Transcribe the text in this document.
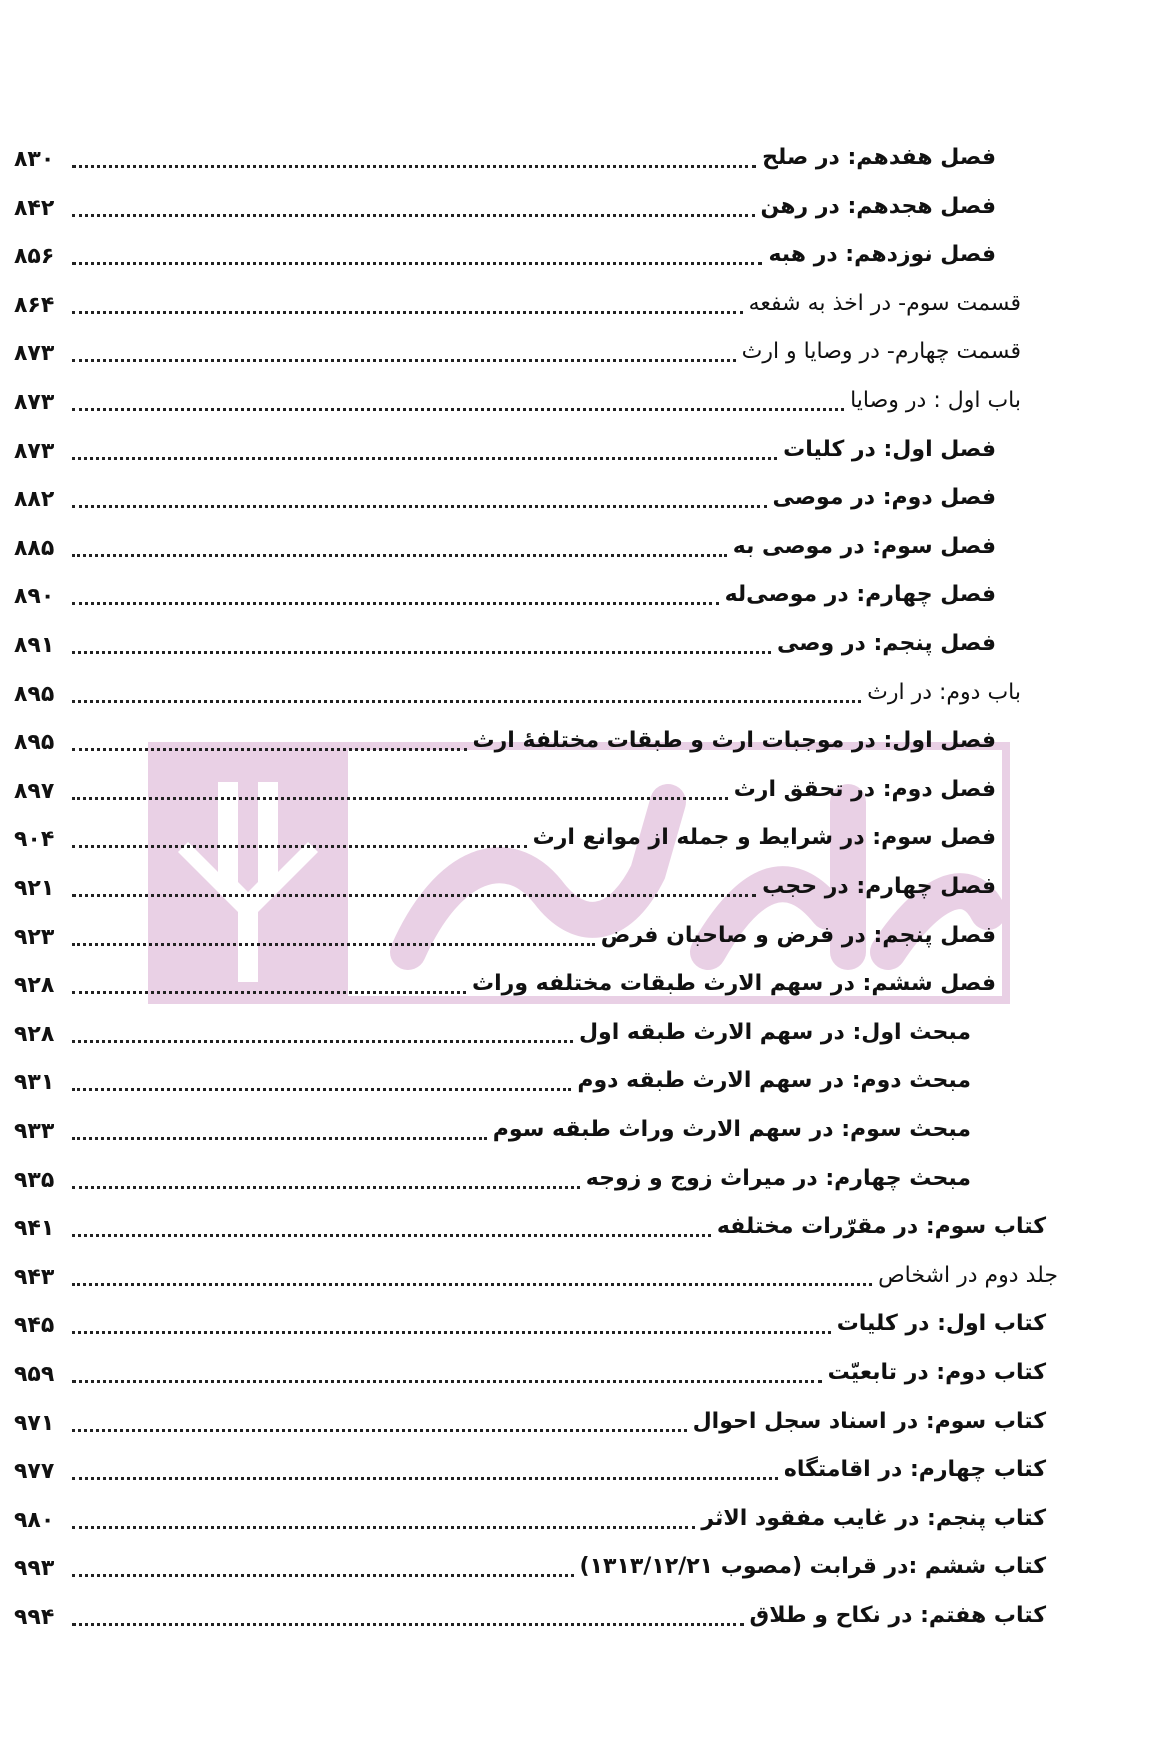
۸۳۰	فصل هفدهم: در صلح
۸۴۲	فصل هجدهم: در رهن
۸۵۶	فصل نوزدهم: در هبه
۸۶۴	قسمت سوم- در اخذ به شفعه
۸۷۳	قسمت چهارم- در وصایا و ارث
۸۷۳	باب اول : در وصایا
۸۷۳	فصل اول: در کلیات
۸۸۲	فصل دوم: در موصی
۸۸۵	فصل سوم: در موصی به
۸۹۰	فصل چهارم: در موصی‌له
۸۹۱	فصل پنجم: در وصی
۸۹۵	باب دوم: در ارث
۸۹۵	فصل اول: در موجبات ارث و طبقات مختلفهٔ ارث
۸۹۷	فصل دوم: در تحقق ارث
۹۰۴	فصل سوم: در شرایط و جمله از موانع ارث
۹۲۱	فصل چهارم: در حجب
۹۲۳	فصل پنجم: در فرض و صاحبان فرض
۹۲۸	فصل ششم: در سهم الارث طبقات مختلفه وراث
۹۲۸	مبحث اول: در سهم الارث طبقه اول
۹۳۱	مبحث دوم: در سهم الارث طبقه دوم
۹۳۳	مبحث سوم: در سهم الارث وراث طبقه سوم
۹۳۵	مبحث چهارم: در میراث زوج و زوجه
۹۴۱	کتاب سوم: در مقرّرات مختلفه
۹۴۳	جلد دوم در اشخاص
۹۴۵	کتاب اول: در کلیات
۹۵۹	کتاب دوم: در تابعیّت
۹۷۱	کتاب سوم: در اسناد سجل احوال
۹۷۷	کتاب چهارم: در اقامتگاه
۹۸۰	کتاب پنجم: در غایب مفقود الاثر
۹۹۳	کتاب ششم :در قرابت (مصوب ۱۳۱۳/۱۲/۲۱)
۹۹۴	کتاب هفتم: در نکاح و طلاق
